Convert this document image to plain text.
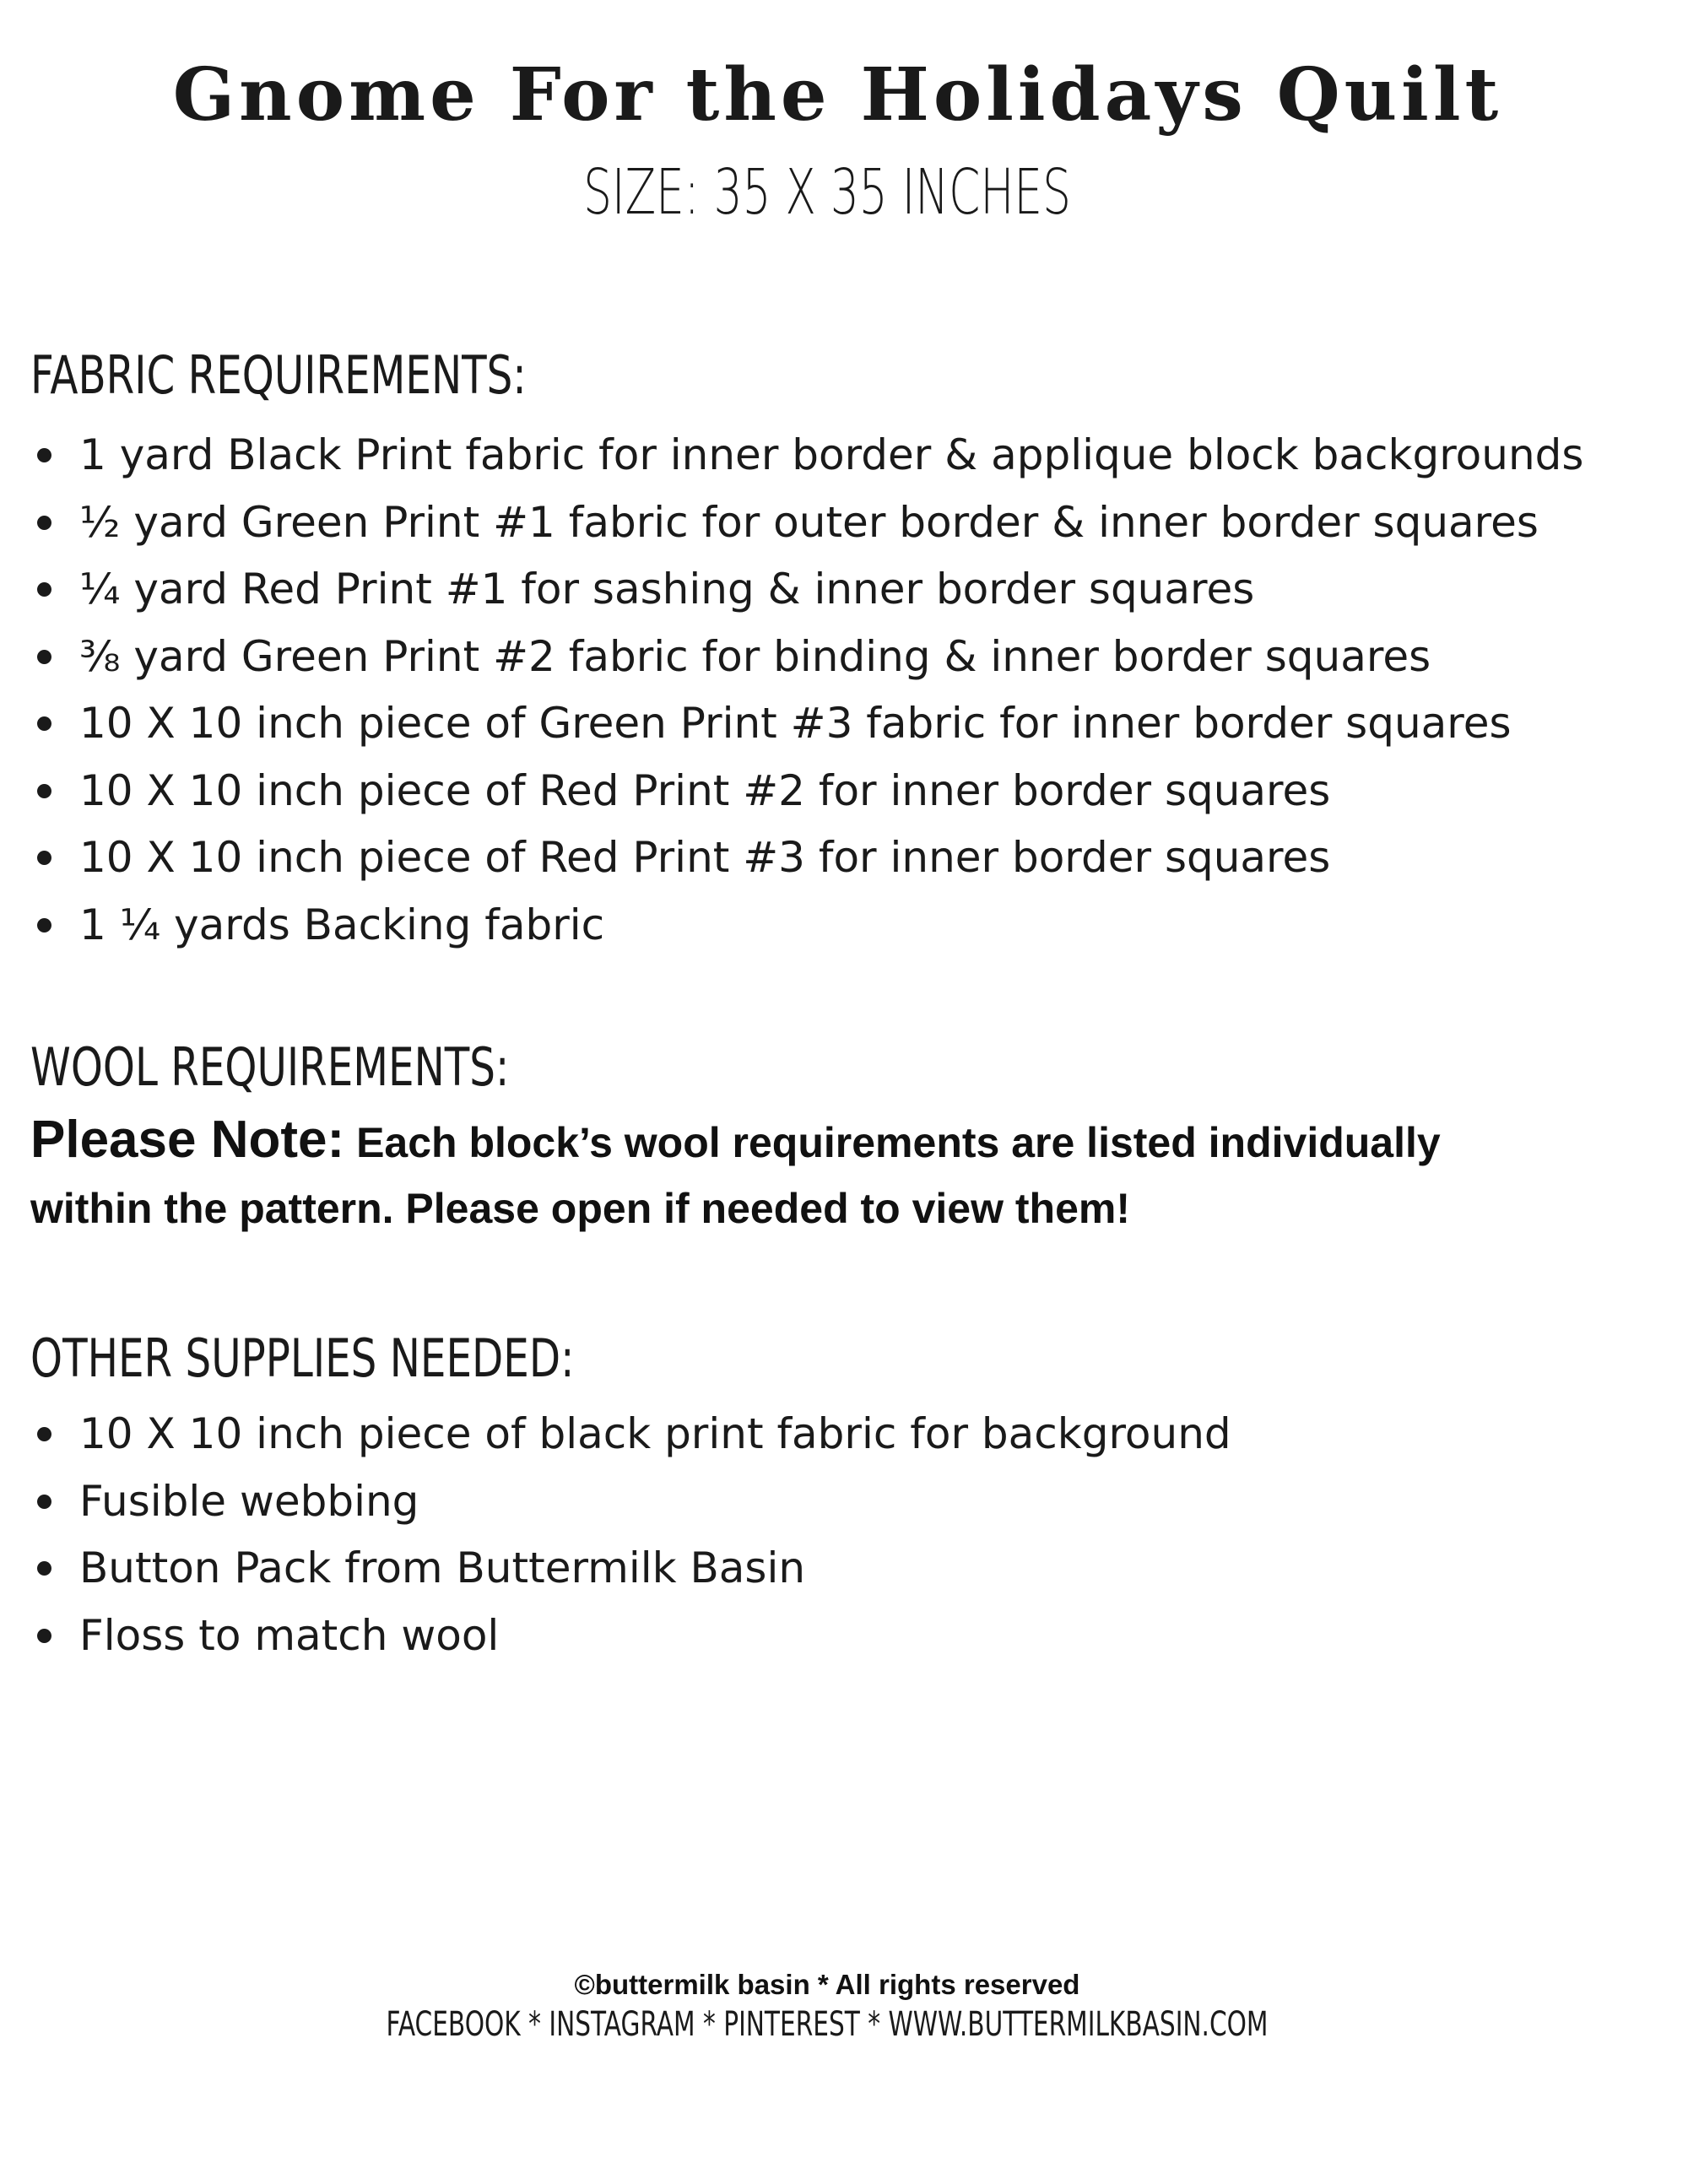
Gnome For the Holidays Quilt
SIZE: 35 X 35 INCHES
FABRIC REQUIREMENTS:
1 yard Black Print fabric for inner border & applique block backgrounds
½ yard Green Print #1 fabric for outer border & inner border squares
¼ yard Red Print #1 for sashing & inner border squares
⅜ yard Green Print #2 fabric for binding & inner border squares
10 X 10 inch piece of Green Print #3 fabric for inner border squares
10 X 10 inch piece of Red Print #2 for inner border squares
10 X 10 inch piece of Red Print #3 for inner border squares
1 ¼ yards Backing fabric
WOOL REQUIREMENTS:
Please Note: Each block’s wool requirements are listed individually
within the pattern. Please open if needed to view them!
OTHER SUPPLIES NEEDED:
10 X 10 inch piece of black print fabric for background
Fusible webbing
Button Pack from Buttermilk Basin
Floss to match wool
©buttermilk basin * All rights reserved
FACEBOOK * INSTAGRAM * PINTEREST * WWW.BUTTERMILKBASIN.COM
